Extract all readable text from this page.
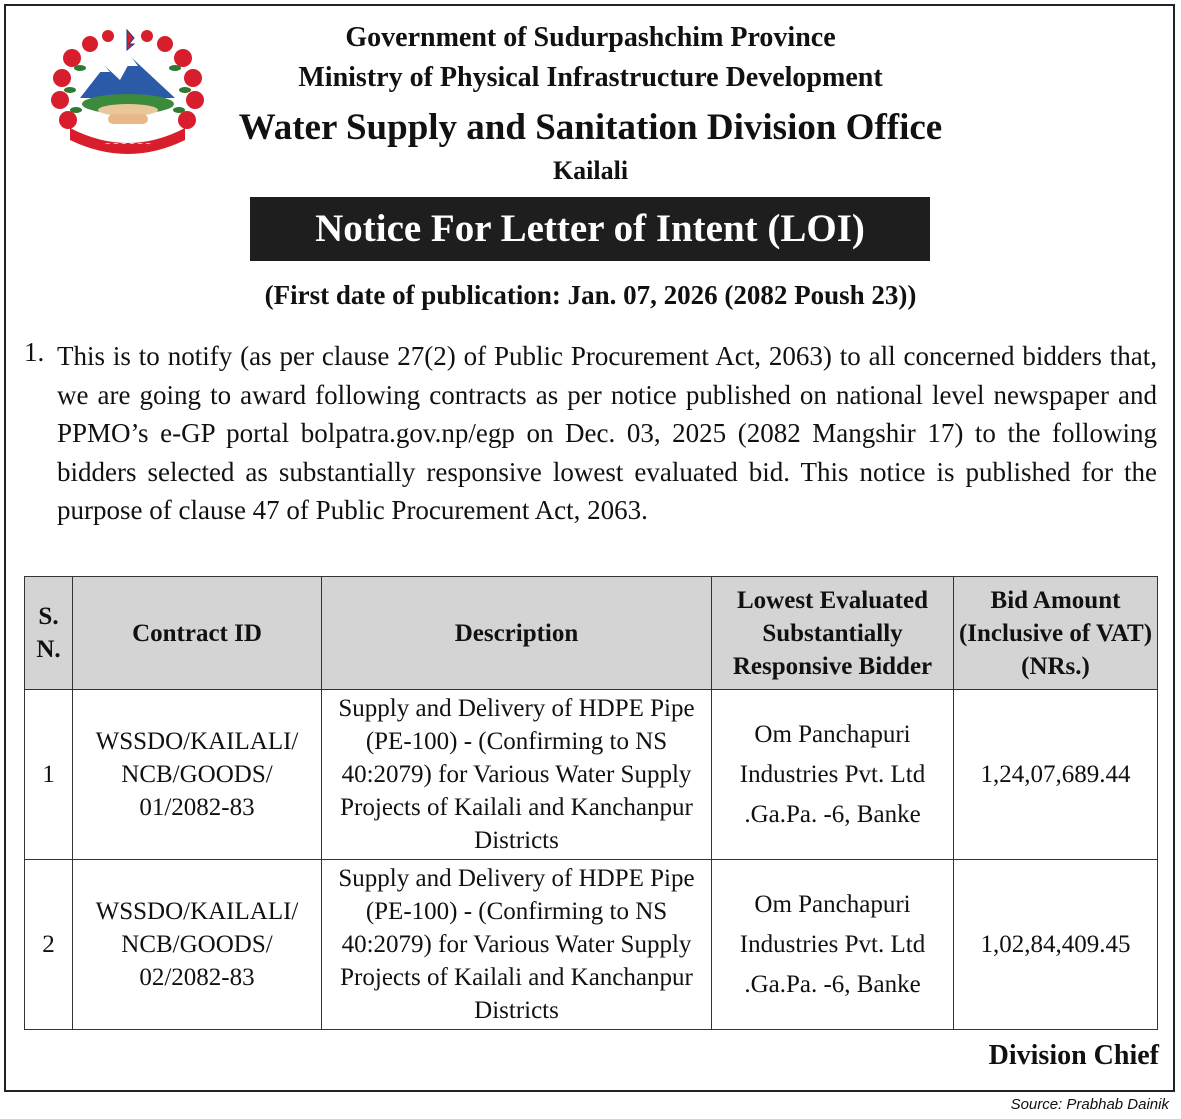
~ ~ ~ ~ ~ ~
Government of Sudurpashchim Province
Ministry of Physical Infrastructure Development
Water Supply and Sanitation Division Office
Kailali
Notice For Letter of Intent (LOI)
(First date of publication: Jan. 07, 2026 (2082 Poush 23))
1. This is to notify (as per clause 27(2) of Public Procurement Act, 2063) to all concerned bidders that, we are going to award following contracts as per notice published on national level newspaper and PPMO’s e-GP portal bolpatra.gov.np/egp on Dec. 03, 2025 (2082 Mangshir 17) to the following bidders selected as substantially responsive lowest evaluated bid. This notice is published for the purpose of clause 47 of Public Procurement Act, 2063.
S. N.	Contract ID	Description	Lowest Evaluated Substantially Responsive Bidder	Bid Amount (Inclusive of VAT) (NRs.)
1	WSSDO/KAILALI/ NCB/GOODS/ 01/2082-83	Supply and Delivery of HDPE Pipe (PE-100) - (Confirming to NS 40:2079) for Various Water Supply Projects of Kailali and Kanchanpur Districts	Om Panchapuri Industries Pvt. Ltd .Ga.Pa. -6, Banke	1,24,07,689.44
2	WSSDO/KAILALI/ NCB/GOODS/ 02/2082-83	Supply and Delivery of HDPE Pipe (PE-100) - (Confirming to NS 40:2079) for Various Water Supply Projects of Kailali and Kanchanpur Districts	Om Panchapuri Industries Pvt. Ltd .Ga.Pa. -6, Banke	1,02,84,409.45
Division Chief
Source: Prabhab Dainik
